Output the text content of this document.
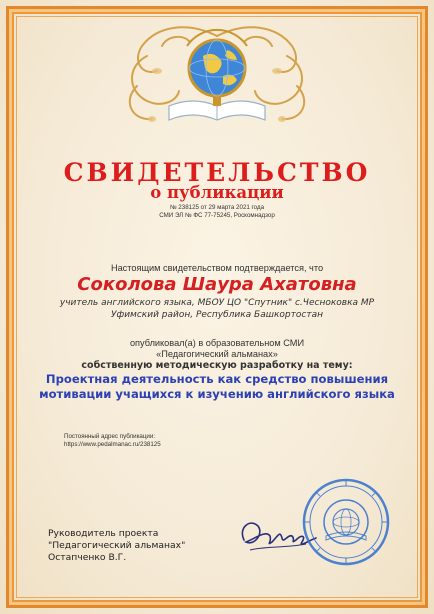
СВИДЕТЕЛЬСТВО
о публикации
№ 238125 от 29 марта 2021 года
СМИ ЭЛ № ФС 77-75245, Роскомнадзор
Настоящим свидетельством подтверждается, что
Соколова Шаура Ахатовна
учитель английского языка, МБОУ ЦО "Спутник" с.Чесноковка МР
Уфимский район, Республика Башкортостан
опубликовал(а) в образовательном СМИ
«Педагогический альманах»
собственную методическую разработку на тему:
Проектная деятельность как средство повышения
мотивации учащихся к изучению английского языка
Постоянный адрес публикации:
https://www.pedalmanac.ru/238125
Руководитель проекта
"Педагогический альманах"
Остапченко В.Г.
